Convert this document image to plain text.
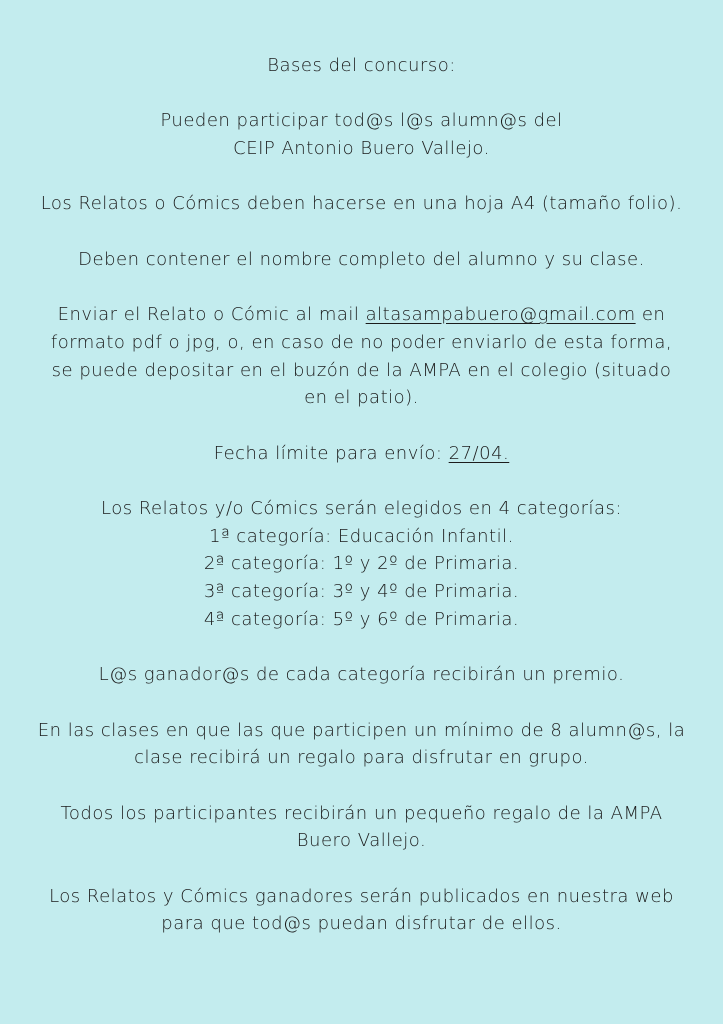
Bases del concurso:
Pueden participar tod@s l@s alumn@s del
CEIP Antonio Buero Vallejo.
Los Relatos o Cómics deben hacerse en una hoja A4 (tamaño folio).
Deben contener el nombre completo del alumno y su clase.
Enviar el Relato o Cómic al mail altasampabuero@gmail.com en
formato pdf o jpg, o, en caso de no poder enviarlo de esta forma,
se puede depositar en el buzón de la AMPA en el colegio (situado
en el patio).
Fecha límite para envío: 27/04.
Los Relatos y/o Cómics serán elegidos en 4 categorías:
1ª categoría: Educación Infantil.
2ª categoría: 1º y 2º de Primaria.
3ª categoría: 3º y 4º de Primaria.
4ª categoría: 5º y 6º de Primaria.
L@s ganador@s de cada categoría recibirán un premio.
En las clases en que las que participen un mínimo de 8 alumn@s, la
clase recibirá un regalo para disfrutar en grupo.
Todos los participantes recibirán un pequeño regalo de la AMPA
Buero Vallejo.
Los Relatos y Cómics ganadores serán publicados en nuestra web
para que tod@s puedan disfrutar de ellos.
